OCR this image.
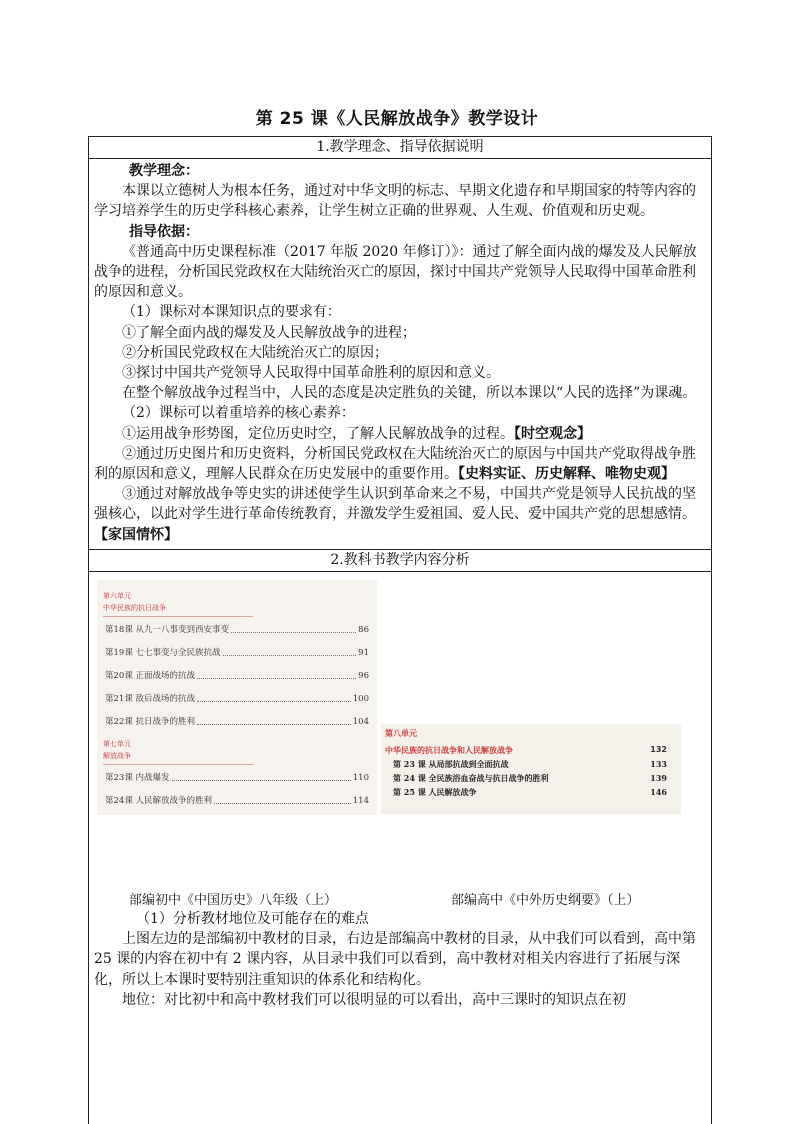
第 25 课《人民解放战争》教学设计
1.教学理念、指导依据说明

教学理念：

本课以立德树人为根本任务，通过对中华文明的标志、早期文化遗存和早期国家的特等内容的学习培养学生的历史学科核心素养，让学生树立正确的世界观、人生观、价值观和历史观。

指导依据：

《普通高中历史课程标准（2017 年版 2020 年修订）》：通过了解全面内战的爆发及人民解放战争的进程，分析国民党政权在大陆统治灭亡的原因，探讨中国共产党领导人民取得中国革命胜利的原因和意义。

（1）课标对本课知识点的要求有：

①了解全面内战的爆发及人民解放战争的进程；

②分析国民党政权在大陆统治灭亡的原因；

③探讨中国共产党领导人民取得中国革命胜利的原因和意义。

在整个解放战争过程当中，人民的态度是决定胜负的关键，所以本课以“人民的选择”为课魂。

（2）课标可以着重培养的核心素养：

①运用战争形势图，定位历史时空，了解人民解放战争的过程。【时空观念】

②通过历史图片和历史资料，分析国民党政权在大陆统治灭亡的原因与中国共产党取得战争胜利的原因和意义，理解人民群众在历史发展中的重要作用。【史料实证、历史解释、唯物史观】

③通过对解放战争等史实的讲述使学生认识到革命来之不易，中国共产党是领导人民抗战的坚强核心，以此对学生进行革命传统教育，并激发学生爱祖国、爱人民、爱中国共产党的思想感情。【家国情怀】

2.教科书教学内容分析
第六单元
中华民族的抗日战争
第18课 从九一八事变到西安事变	86
第19课 七七事变与全民族抗战	91
第20课 正面战场的抗战	96
第21课 敌后战场的抗战	100
第22课 抗日战争的胜利	104
第七单元
解放战争
第23课 内战爆发	110
第24课 人民解放战争的胜利	114
第八单元
中华民族的抗日战争和人民解放战争	132
第 23 课 从局部抗战到全面抗战	133
第 24 课 全民族浴血奋战与抗日战争的胜利	139
第 25 课 人民解放战争	146
部编初中《中国历史》八年级（上）	部编高中《中外历史纲要》（上）

（1）分析教材地位及可能存在的难点

上图左边的是部编初中教材的目录，右边是部编高中教材的目录，从中我们可以看到，高中第 25 课的内容在初中有 2 课内容，从目录中我们可以看到，高中教材对相关内容进行了拓展与深化，所以上本课时要特别注重知识的体系化和结构化。

地位：对比初中和高中教材我们可以很明显的可以看出，高中三课时的知识点在初
